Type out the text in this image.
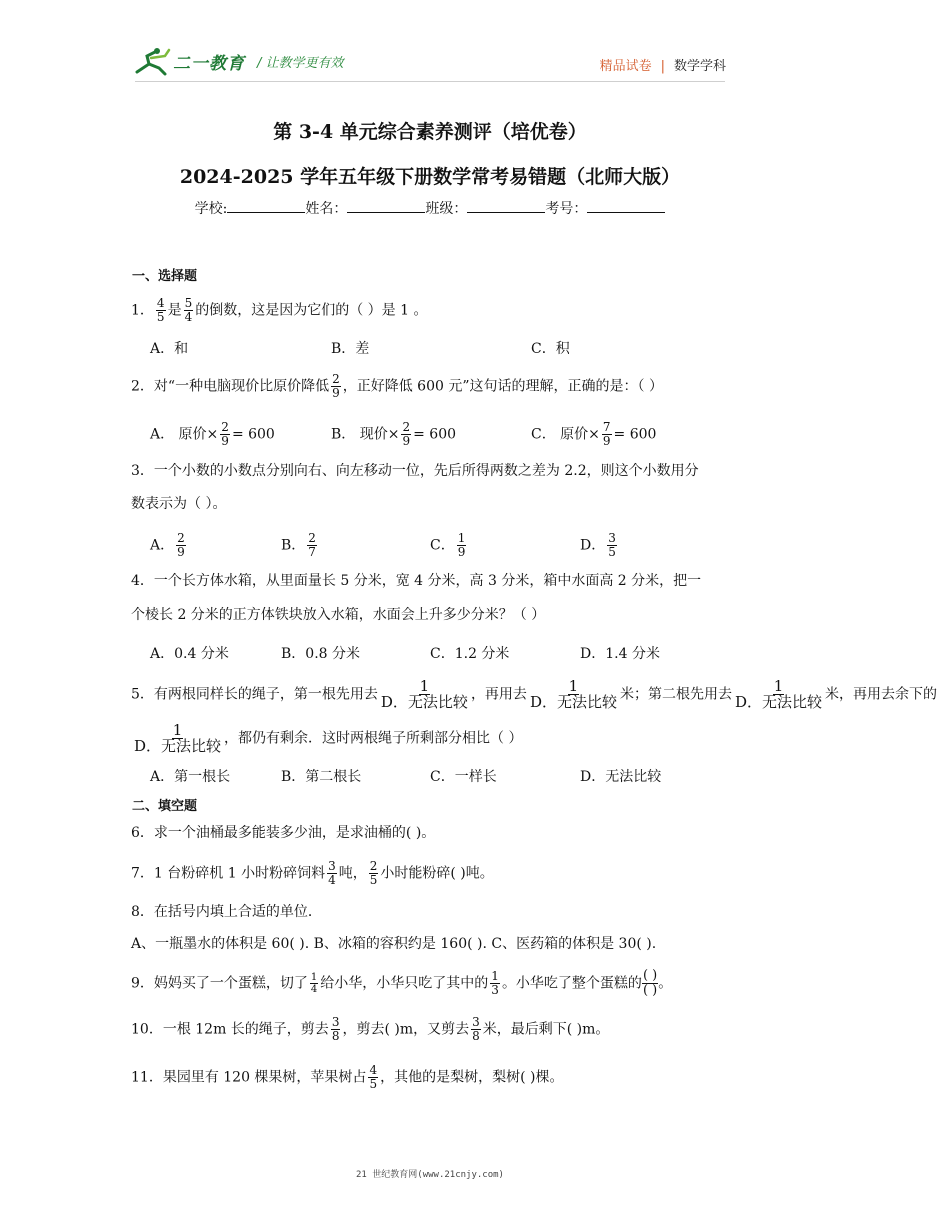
二一教育 / 让教学更有效	精品试卷 | 数学学科
第 3-4 单元综合素养测评（培优卷）
2024-2025 学年五年级下册数学常考易错题（北师大版）
学校:	姓名：	班级：	考号：
一、选择题
1． $\frac{4}{5}$ 是 $\frac{5}{4}$ 的倒数，这是因为它们的（ ）是 1 。
A．和	B．差	C．积
2．对“一种电脑现价比原价降低 $\frac{2}{9}$ ，正好降低 600 元”这句话的理解，正确的是：（ ）
A． 原价× $\frac{2}{9} = 600$	B． 现价× $\frac{2}{9} = 600$	C． 原价× $\frac{7}{9} = 600$
3．一个小数的小数点分别向右、向左移动一位，先后所得两数之差为 2.2，则这个小数用分
数表示为（ ）。
A． $\frac{2}{9}$	B． $\frac{2}{7}$	C． $\frac{1}{9}$	D． $\frac{3}{5}$
4．一个长方体水箱，从里面量长 5 分米，宽 4 分米，高 3 分米，箱中水面高 2 分米，把一
个棱长 2 分米的正方体铁块放入水箱，水面会上升多少分米？（ ）
A．0.4 分米	B．0.8 分米	C．1.2 分米	D．1.4 分米
5．有两根同样长的绳子，第一根先用去 $\frac{1}{\text{D．无法比较}}$ ，再用去 $\frac{1}{\text{D．无法比较}}$ 米；第二根先用去 $\frac{1}{\text{D．无法比较}}$ 米，再用去余下的
$\frac{1}{\text{D．无法比较}}$ ，都仍有剩余．这时两根绳子所剩部分相比（ ）
A．第一根长	B．第二根长	C．一样长	D．无法比较
二、填空题
6．求一个油桶最多能装多少油，是求油桶的( )。
7．1 台粉碎机 1 小时粉碎饲料 $\frac{3}{4}$ 吨， $\frac{2}{5}$ 小时能粉碎( )吨。
8．在括号内填上合适的单位．
A、一瓶墨水的体积是 60( ). B、冰箱的容积约是 160( ). C、医药箱的体积是 30( ).
9．妈妈买了一个蛋糕，切了 $\frac{1}{4}$ 给小华，小华只吃了其中的 $\frac{1}{3}$ 。小华吃了整个蛋糕的 $\frac{( )}{( )}$ 。
10．一根 12m 长的绳子，剪去 $\frac{3}{8}$ ，剪去( )m，又剪去 $\frac{3}{8}$ 米，最后剩下( )m。
11．果园里有 120 棵果树，苹果树占 $\frac{4}{5}$ ，其他的是梨树，梨树( )棵。
21 世纪教育网(www.21cnjy.com)
